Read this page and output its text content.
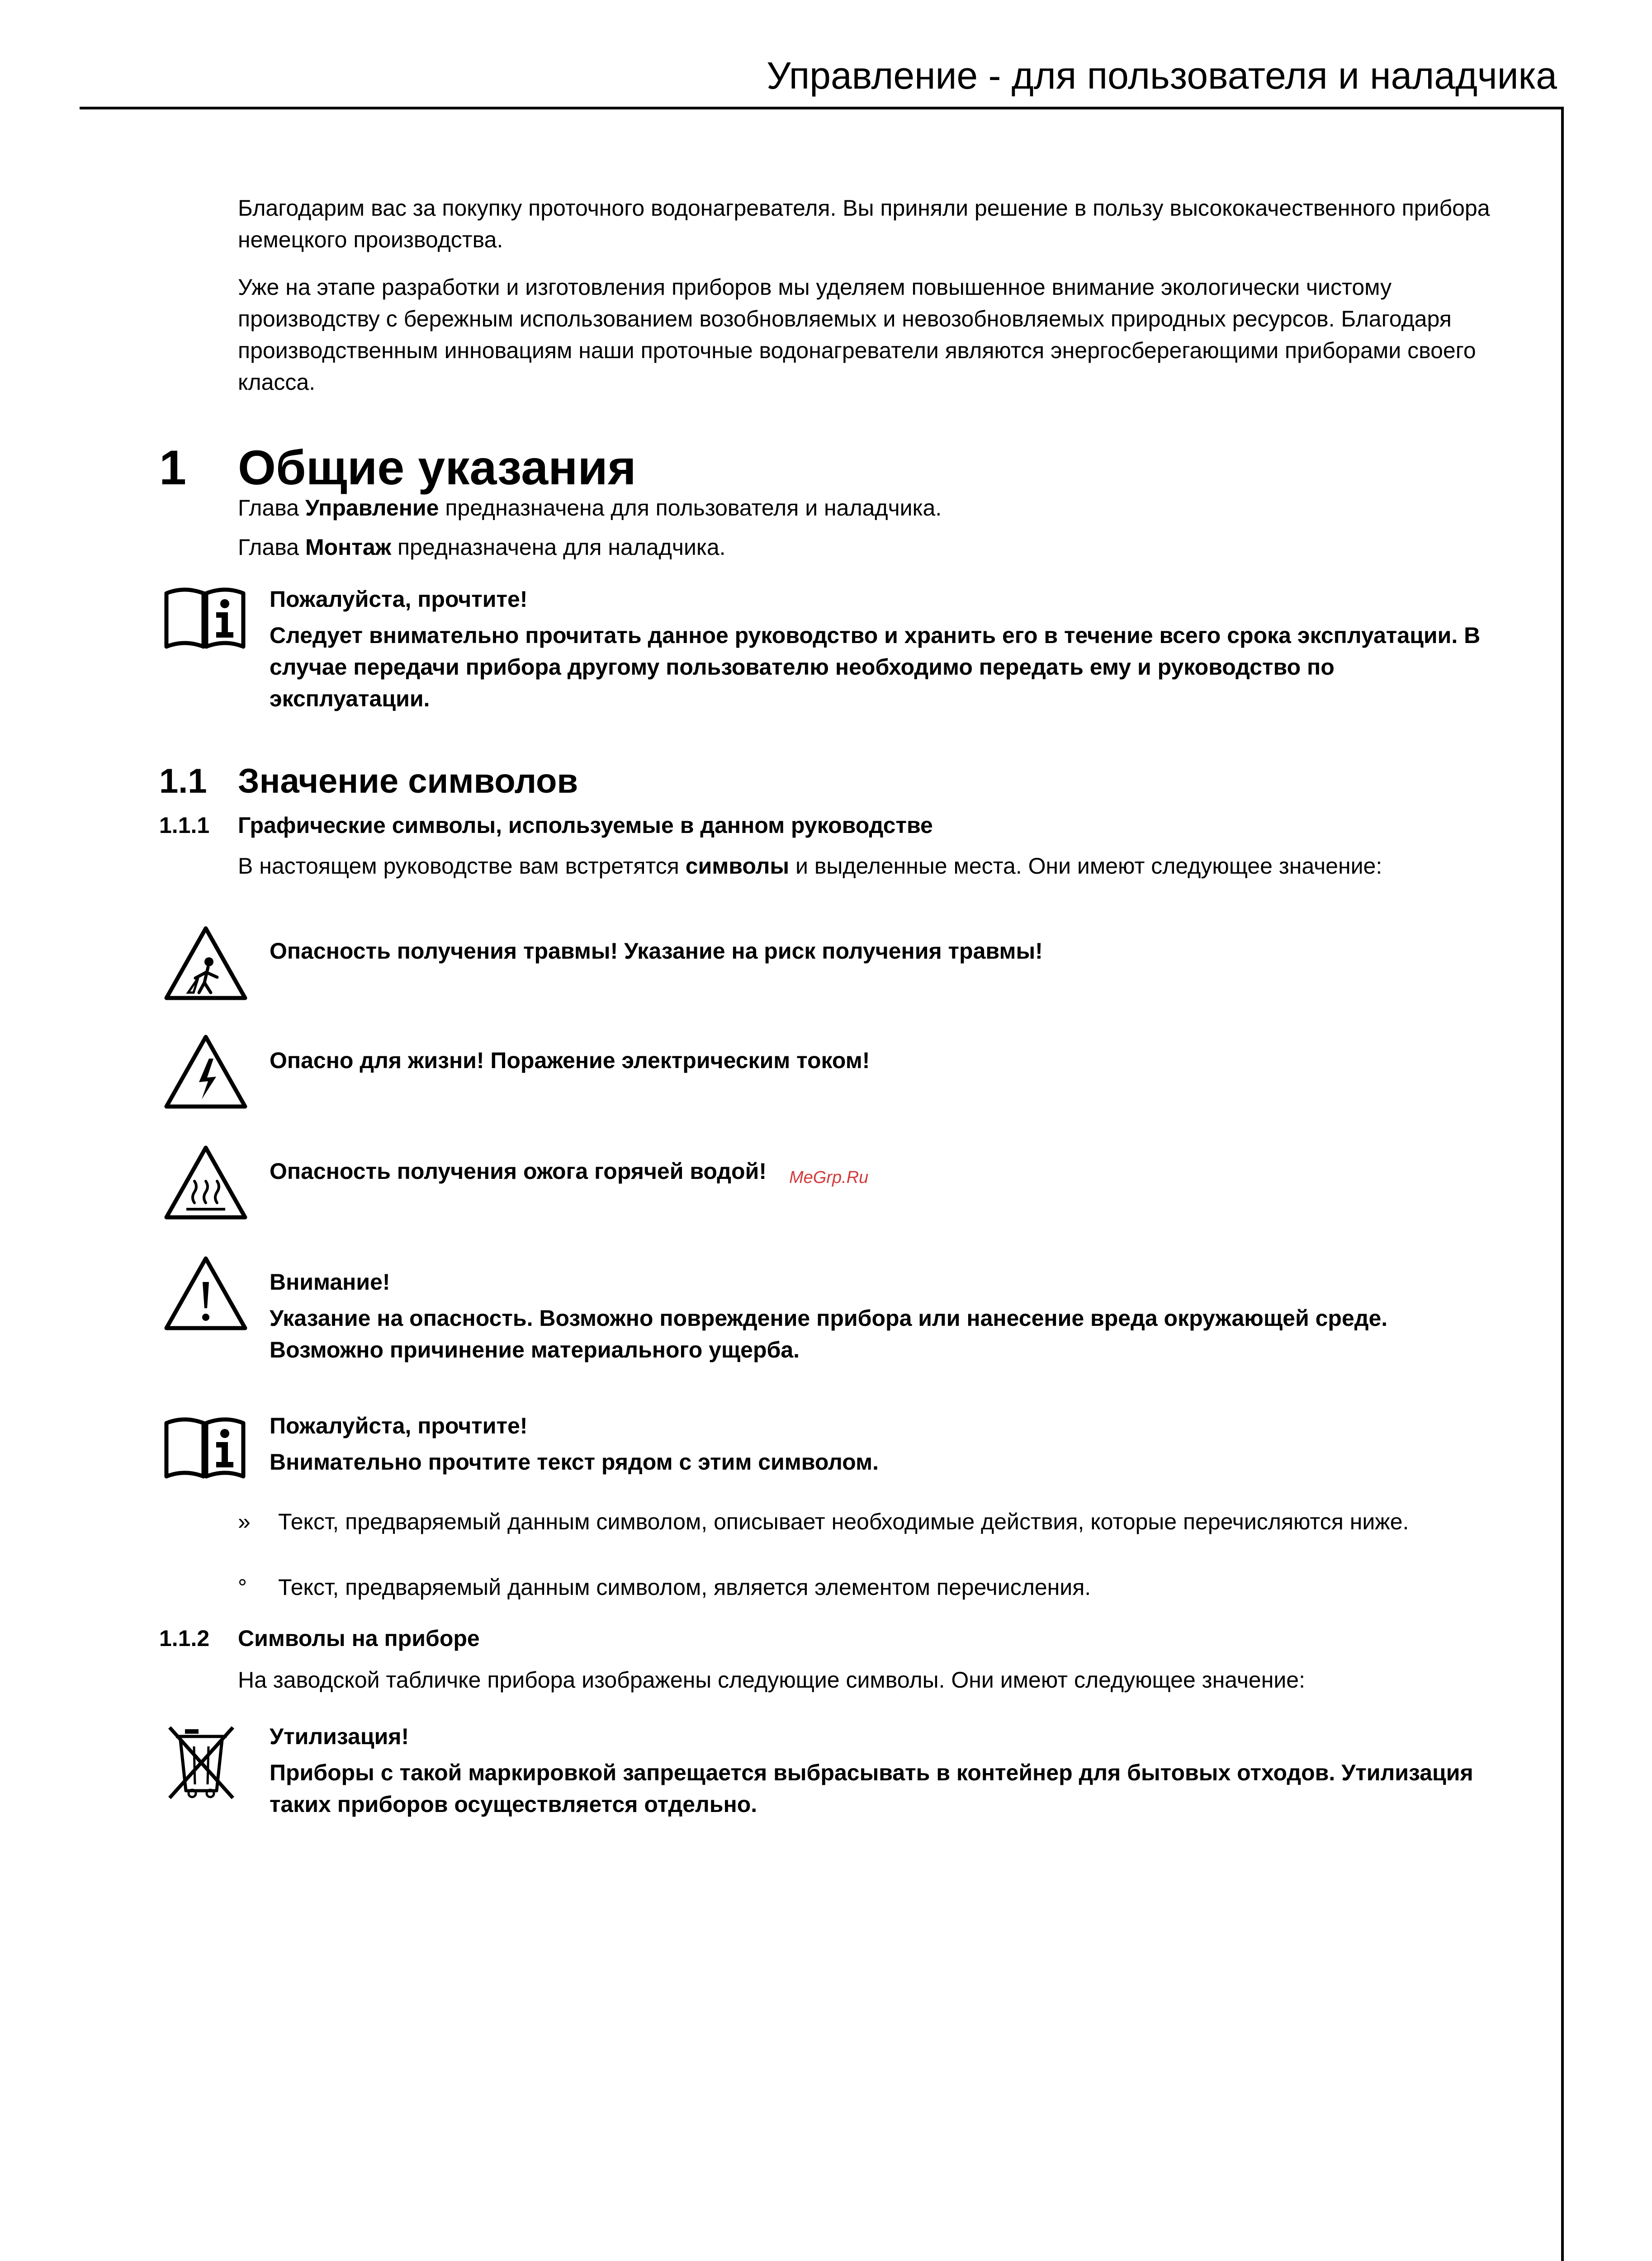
Управление - для пользователя и наладчика
Благодарим вас за покупку проточного водонагревателя. Вы приняли решение в пользу высококачественного прибора немецкого производства.
Уже на этапе разработки и изготовления приборов мы уделяем повышенное внимание экологически чистому производству с бережным использованием возобновляемых и невозобновляемых природных ресурсов. Благодаря производственным инновациям наши проточные водонагреватели являются энергосберегающими приборами своего класса.
1 Общие указания
Глава Управление предназначена для пользователя и наладчика.
Глава Монтаж предназначена для наладчика.
Пожалуйста, прочтите!
Следует внимательно прочитать данное руководство и хранить его в течение всего срока эксплуатации. В случае передачи прибора другому пользователю необходимо передать ему и руководство по эксплуатации.
1.1 Значение символов
1.1.1 Графические символы, используемые в данном руководстве
В настоящем руководстве вам встретятся символы и выделенные места. Они имеют следующее значение:
Опасность получения травмы! Указание на риск получения травмы!
Опасно для жизни! Поражение электрическим током!
Опасность получения ожога горячей водой!	MeGrp.Ru
Внимание!
Указание на опасность. Возможно повреждение прибора или нанесение вреда окружающей среде. Возможно причинение материального ущерба.
Пожалуйста, прочтите!
Внимательно прочтите текст рядом с этим символом.
» Текст, предваряемый данным символом, описывает необходимые действия, которые перечисляются ниже.
° Текст, предваряемый данным символом, является элементом перечисления.
1.1.2 Символы на приборе
На заводской табличке прибора изображены следующие символы. Они имеют следующее значение:
Утилизация!
Приборы с такой маркировкой запрещается выбрасывать в контейнер для бытовых отходов. Утилизация таких приборов осуществляется отдельно.
